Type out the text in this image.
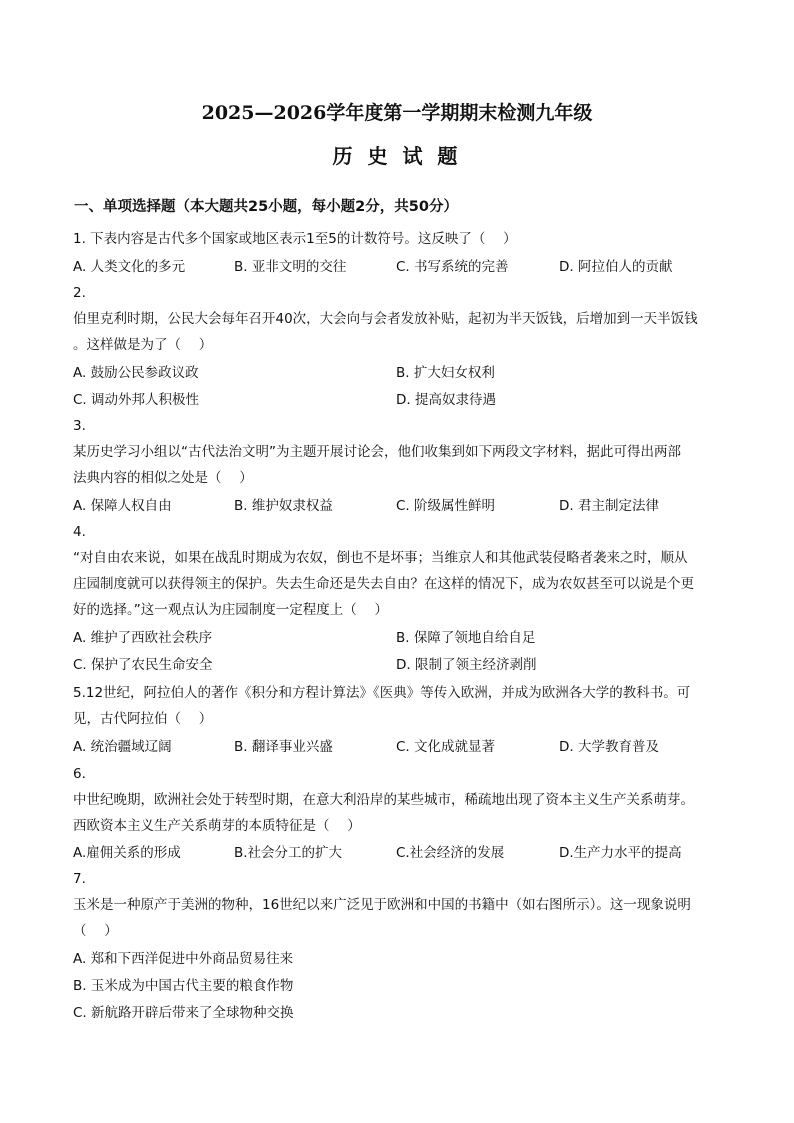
2025—2026学年度第一学期期末检测九年级
历 史 试 题
一、单项选择题（本大题共25小题，每小题2分，共50分）
1. 下表内容是古代多个国家或地区表示1至5的计数符号。这反映了（　 ）
A. 人类文化的多元	B. 亚非文明的交往	C. 书写系统的完善	D. 阿拉伯人的贡献
2.
伯里克利时期，公民大会每年召开40次，大会向与会者发放补贴，起初为半天饭钱，后增加到一天半饭钱
。这样做是为了（　 ）
A. 鼓励公民参政议政	B. 扩大妇女权利
C. 调动外邦人积极性	D. 提高奴隶待遇
3.
某历史学习小组以“古代法治文明”为主题开展讨论会，他们收集到如下两段文字材料，据此可得出两部
法典内容的相似之处是（　 ）
A. 保障人权自由	B. 维护奴隶权益	C. 阶级属性鲜明	D. 君主制定法律
4.
“对自由农来说，如果在战乱时期成为农奴，倒也不是坏事；当维京人和其他武装侵略者袭来之时，顺从
庄园制度就可以获得领主的保护。失去生命还是失去自由？在这样的情况下，成为农奴甚至可以说是个更
好的选择。”这一观点认为庄园制度一定程度上（　 ）
A. 维护了西欧社会秩序	B. 保障了领地自给自足
C. 保护了农民生命安全	D. 限制了领主经济剥削
5.12世纪，阿拉伯人的著作《积分和方程计算法》《医典》等传入欧洲，并成为欧洲各大学的教科书。可
见，古代阿拉伯（　 ）
A. 统治疆域辽阔	B. 翻译事业兴盛	C. 文化成就显著	D. 大学教育普及
6.
中世纪晚期，欧洲社会处于转型时期，在意大利沿岸的某些城市，稀疏地出现了资本主义生产关系萌芽。
西欧资本主义生产关系萌芽的本质特征是（　 ）
A.雇佣关系的形成	B.社会分工的扩大	C.社会经济的发展	D.生产力水平的提高
7.
玉米是一种原产于美洲的物种，16世纪以来广泛见于欧洲和中国的书籍中（如右图所示）。这一现象说明
（　 ）
A. 郑和下西洋促进中外商品贸易往来
B. 玉米成为中国古代主要的粮食作物
C. 新航路开辟后带来了全球物种交换
